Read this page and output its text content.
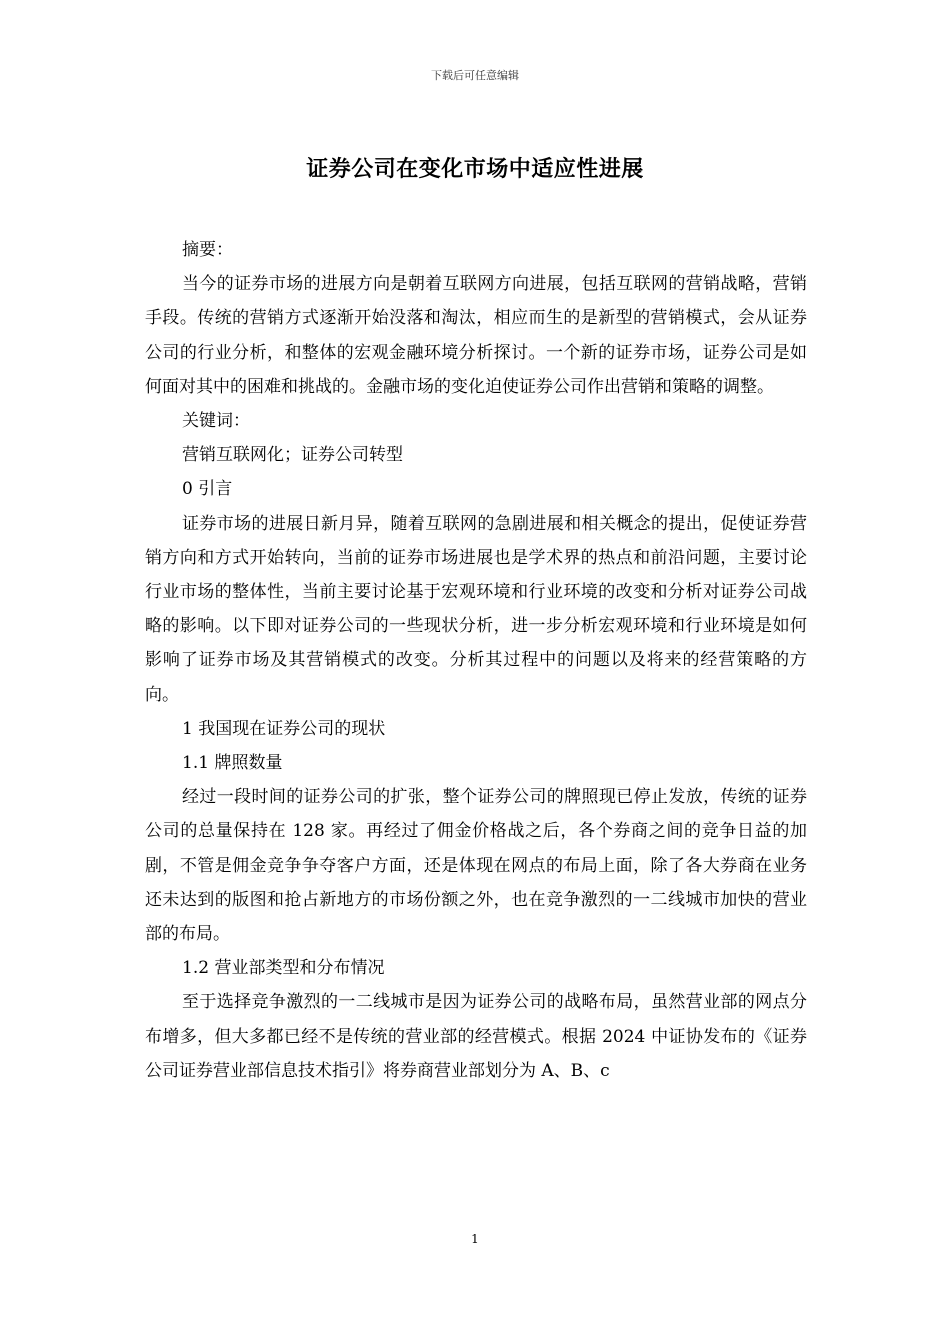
下载后可任意编辑
证券公司在变化市场中适应性进展

摘要：

当今的证券市场的进展方向是朝着互联网方向进展，包括互联网的营销战略，营销手段。传统的营销方式逐渐开始没落和淘汰，相应而生的是新型的营销模式，会从证券公司的行业分析，和整体的宏观金融环境分析探讨。一个新的证券市场，证券公司是如何面对其中的困难和挑战的。金融市场的变化迫使证券公司作出营销和策略的调整。

关键词：

营销互联网化；证券公司转型

0 引言

证券市场的进展日新月异，随着互联网的急剧进展和相关概念的提出，促使证券营销方向和方式开始转向，当前的证券市场进展也是学术界的热点和前沿问题，主要讨论行业市场的整体性，当前主要讨论基于宏观环境和行业环境的改变和分析对证券公司战略的影响。以下即对证券公司的一些现状分析，进一步分析宏观环境和行业环境是如何影响了证券市场及其营销模式的改变。分析其过程中的问题以及将来的经营策略的方向。

1 我国现在证券公司的现状

1.1 牌照数量

经过一段时间的证券公司的扩张，整个证券公司的牌照现已停止发放，传统的证券公司的总量保持在 128 家。再经过了佣金价格战之后，各个券商之间的竞争日益的加剧，不管是佣金竞争争夺客户方面，还是体现在网点的布局上面，除了各大券商在业务还未达到的版图和抢占新地方的市场份额之外，也在竞争激烈的一二线城市加快的营业部的布局。

1.2 营业部类型和分布情况

至于选择竞争激烈的一二线城市是因为证券公司的战略布局，虽然营业部的网点分布增多，但大多都已经不是传统的营业部的经营模式。根据 2024 中证协发布的《证券公司证券营业部信息技术指引》将券商营业部划分为 A、B、c

1
